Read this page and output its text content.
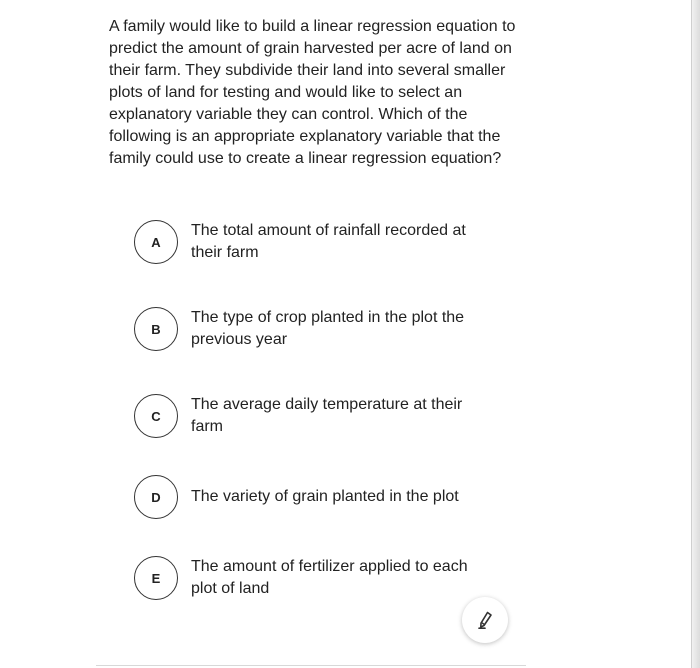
A family would like to build a linear regression equation to predict the amount of grain harvested per acre of land on their farm. They subdivide their land into several smaller plots of land for testing and would like to select an explanatory variable they can control. Which of the following is an appropriate explanatory variable that the family could use to create a linear regression equation?

A
The total amount of rainfall recorded at their farm
B
The type of crop planted in the plot the previous year
C
The average daily temperature at their farm
D	The variety of grain planted in the plot
E
The amount of fertilizer applied to each plot of land
